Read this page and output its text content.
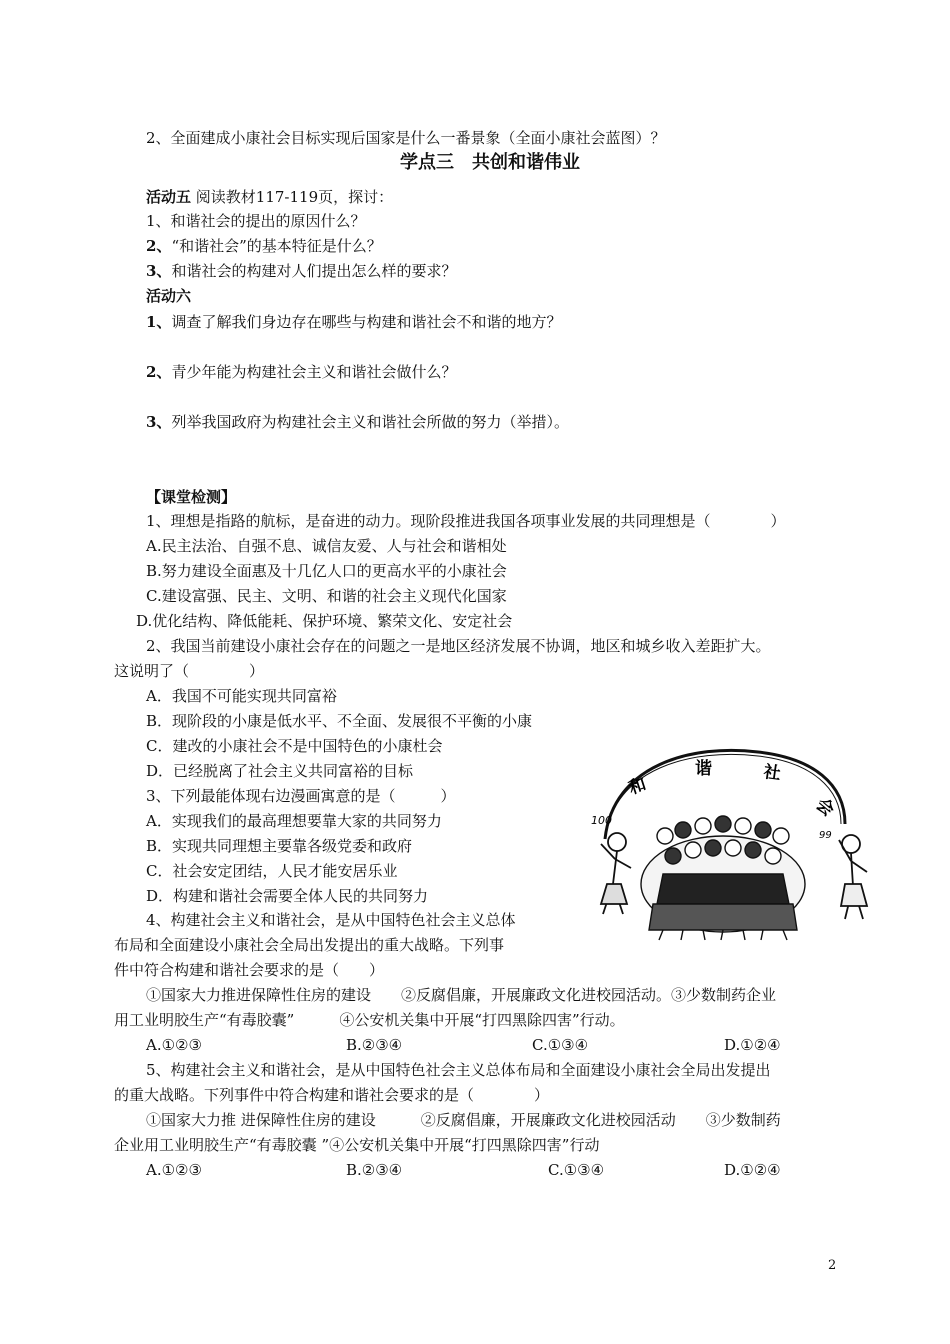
2、全面建成小康社会目标实现后国家是什么一番景象（全面小康社会蓝图）？
学点三　共创和谐伟业
活动五 阅读教材117-119页，探讨：
1、和谐社会的提出的原因什么？
2、“和谐社会”的基本特征是什么？
3、和谐社会的构建对人们提出怎么样的要求？
活动六
1、调查了解我们身边存在哪些与构建和谐社会不和谐的地方？
2、青少年能为构建社会主义和谐社会做什么？
3、列举我国政府为构建社会主义和谐社会所做的努力（举措）。
【课堂检测】
1、理想是指路的航标，是奋进的动力。现阶段推进我国各项事业发展的共同理想是（　　　　）
A.民主法治、自强不息、诚信友爱、人与社会和谐相处
B.努力建设全面惠及十几亿人口的更高水平的小康社会
C.建设富强、民主、文明、和谐的社会主义现代化国家
D.优化结构、降低能耗、保护环境、繁荣文化、安定社会
2、我国当前建设小康社会存在的问题之一是地区经济发展不协调，地区和城乡收入差距扩大。
这说明了（　　　　）
A．我国不可能实现共同富裕
B．现阶段的小康是低水平、不全面、发展很不平衡的小康
C．建改的小康社会不是中国特色的小康杜会
D．已经脱离了社会主义共同富裕的目标
3、下列最能体现右边漫画寓意的是（　　　）
A．实现我们的最高理想要靠大家的共同努力
B．实现共同理想主要靠各级党委和政府
C．社会安定团结，人民才能安居乐业
D．构建和谐社会需要全体人民的共同努力
4、构建社会主义和谐社会，是从中国特色社会主义总体
布局和全面建设小康社会全局出发提出的重大战略。下列事
件中符合构建和谐社会要求的是（　　）
①国家大力推进保障性住房的建设　　②反腐倡廉，开展廉政文化进校园活动。③少数制药企业
用工业明胶生产“有毒胶囊”　　　④公安机关集中开展“打四黑除四害”行动。
A.①②③	B.②③④	C.①③④	D.①②④
5、构建社会主义和谐社会，是从中国特色社会主义总体布局和全面建设小康社会全局出发提出
的重大战略。下列事件中符合构建和谐社会要求的是（　　　　）
①国家大力推 进保障性住房的建设　　　②反腐倡廉，开展廉政文化进校园活动　　③少数制药
企业用工业明胶生产“有毒胶囊 ”④公安机关集中开展“打四黑除四害”行动
A.①②③	B.②③④	C.①③④	D.①②④
和
谐	社
会
100
99
2
